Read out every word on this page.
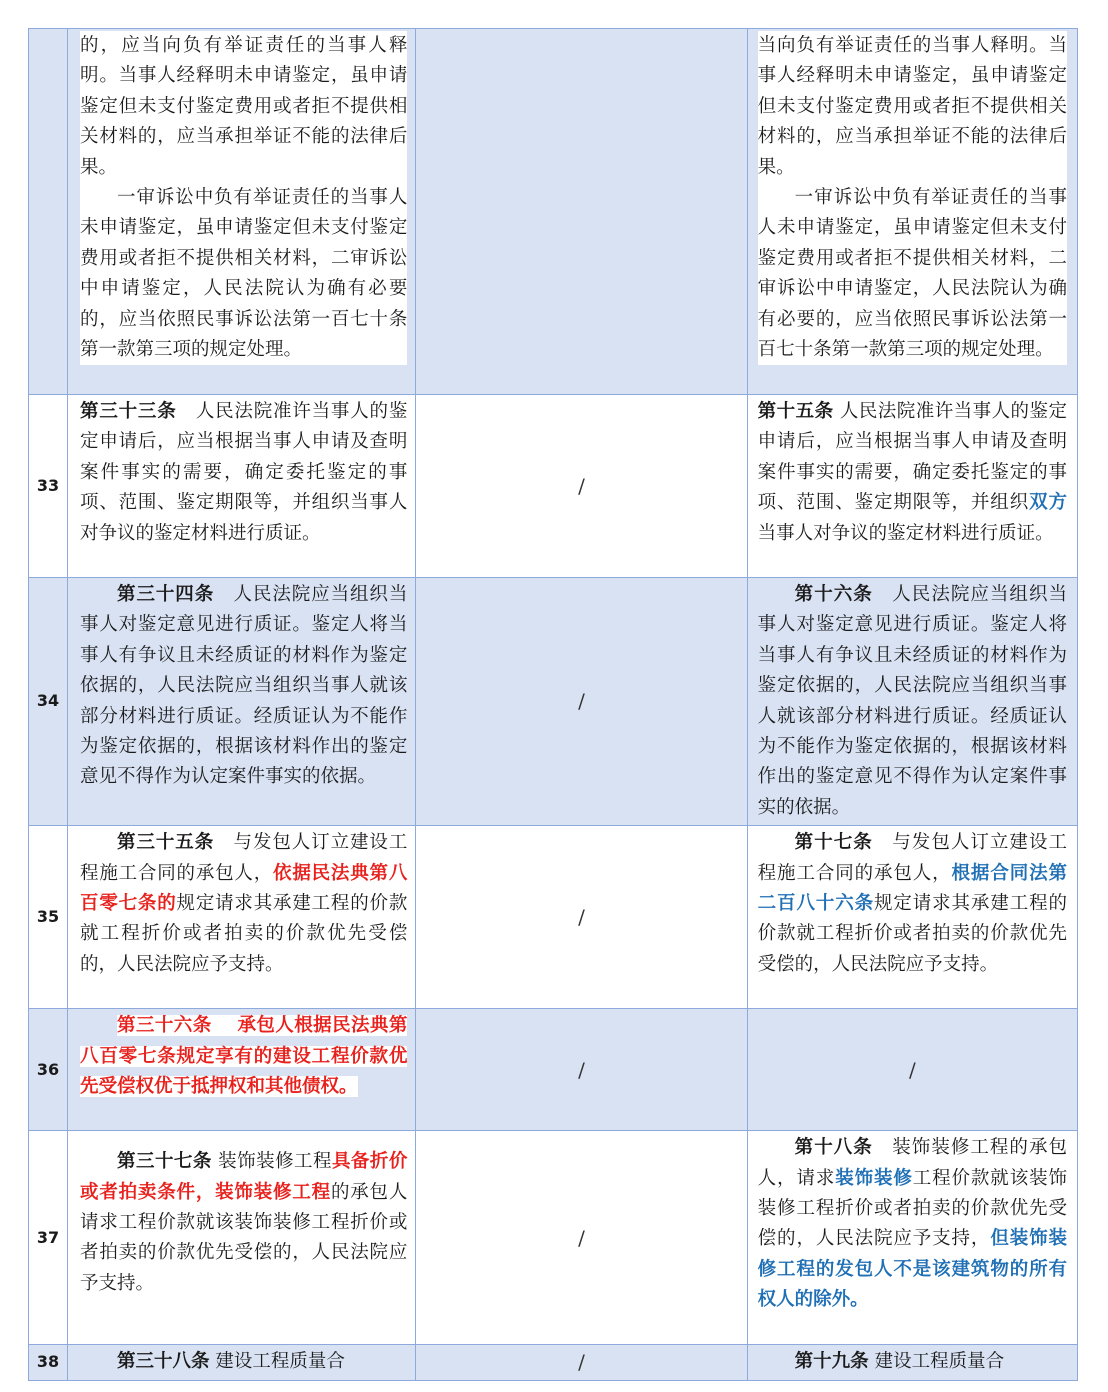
	的，应当向负有举证责任的当事人释明。当事人经释明未申请鉴定，虽申请鉴定但未支付鉴定费用或者拒不提供相关材料的，应当承担举证不能的法律后果。
一审诉讼中负有举证责任的当事人未申请鉴定，虽申请鉴定但未支付鉴定费用或者拒不提供相关材料，二审诉讼中申请鉴定，人民法院认为确有必要的，应当依照民事诉讼法第一百七十条第一款第三项的规定处理。		当向负有举证责任的当事人释明。当事人经释明未申请鉴定，虽申请鉴定但未支付鉴定费用或者拒不提供相关材料的，应当承担举证不能的法律后果。
一审诉讼中负有举证责任的当事人未申请鉴定，虽申请鉴定但未支付鉴定费用或者拒不提供相关材料，二审诉讼中申请鉴定，人民法院认为确有必要的，应当依照民事诉讼法第一百七十条第一款第三项的规定处理。

33	第三十三条　人民法院准许当事人的鉴定申请后，应当根据当事人申请及查明案件事实的需要，确定委托鉴定的事项、范围、鉴定期限等，并组织当事人对争议的鉴定材料进行质证。	/	第十五条 人民法院准许当事人的鉴定申请后，应当根据当事人申请及查明案件事实的需要，确定委托鉴定的事项、范围、鉴定期限等，并组织双方当事人对争议的鉴定材料进行质证。

34	第三十四条　人民法院应当组织当事人对鉴定意见进行质证。鉴定人将当事人有争议且未经质证的材料作为鉴定依据的，人民法院应当组织当事人就该部分材料进行质证。经质证认为不能作为鉴定依据的，根据该材料作出的鉴定意见不得作为认定案件事实的依据。	/	第十六条　人民法院应当组织当事人对鉴定意见进行质证。鉴定人将当事人有争议且未经质证的材料作为鉴定依据的，人民法院应当组织当事人就该部分材料进行质证。经质证认为不能作为鉴定依据的，根据该材料作出的鉴定意见不得作为认定案件事实的依据。

35	第三十五条　与发包人订立建设工程施工合同的承包人，依据民法典第八百零七条的规定请求其承建工程的价款就工程折价或者拍卖的价款优先受偿的，人民法院应予支持。	/	第十七条　与发包人订立建设工程施工合同的承包人，根据合同法第二百八十六条规定请求其承建工程的价款就工程折价或者拍卖的价款优先受偿的，人民法院应予支持。

36	第三十六条　 承包人根据民法典第八百零七条规定享有的建设工程价款优先受偿权优于抵押权和其他债权。	/	/
37	第三十七条 装饰装修工程具备折价或者拍卖条件，装饰装修工程的承包人请求工程价款就该装饰装修工程折价或者拍卖的价款优先受偿的，人民法院应予支持。	/	第十八条　装饰装修工程的承包人，请求装饰装修工程价款就该装饰装修工程折价或者拍卖的价款优先受偿的，人民法院应予支持，但装饰装修工程的发包人不是该建筑物的所有权人的除外。

38	第三十八条 建设工程质量合	/	第十九条 建设工程质量合
